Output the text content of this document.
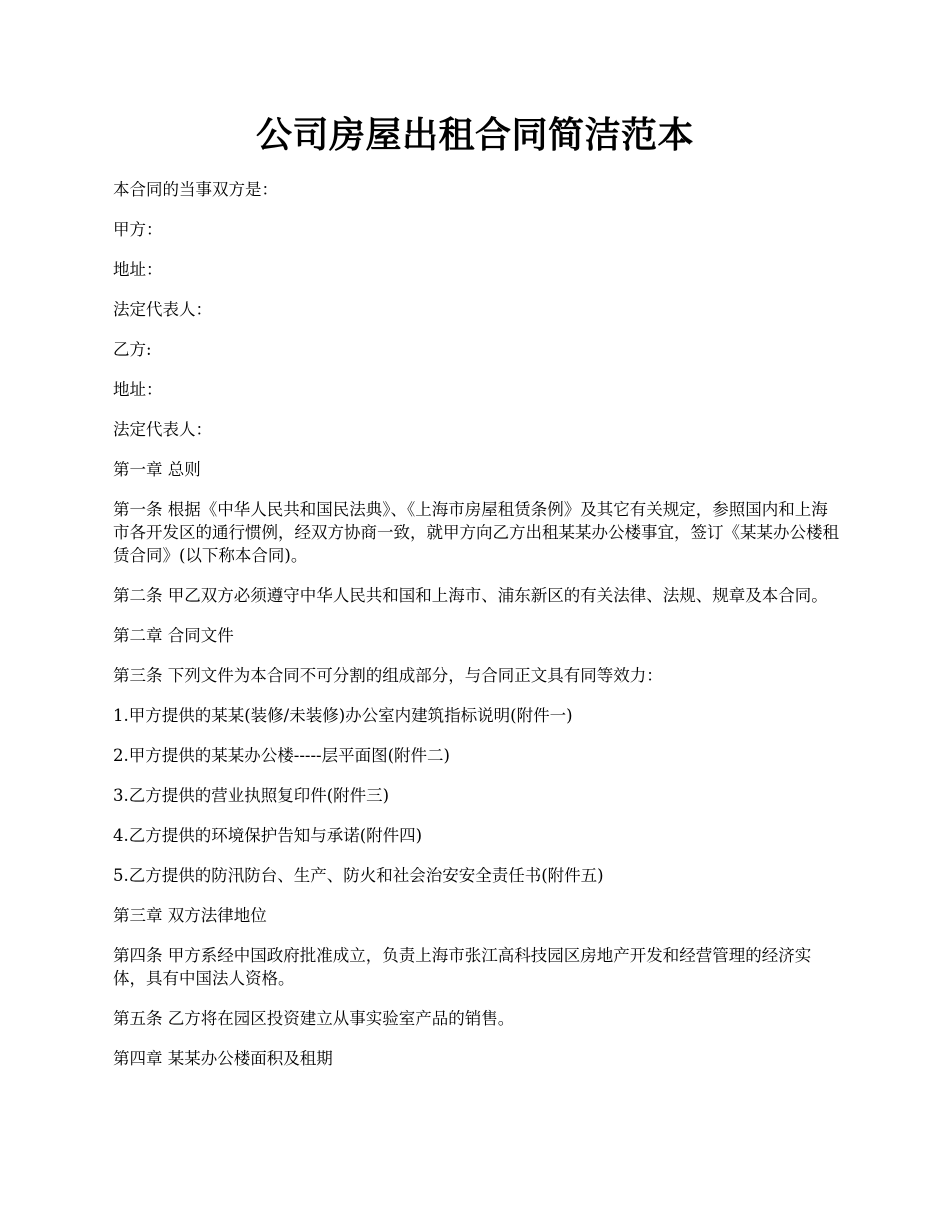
公司房屋出租合同简洁范本

本合同的当事双方是：

甲方：

地址：

法定代表人：

乙方:

地址：

法定代表人：

第一章 总则

第一条 根据《中华人民共和国民法典》、《上海市房屋租赁条例》及其它有关规定，参照国内和上海市各开发区的通行惯例，经双方协商一致，就甲方向乙方出租某某办公楼事宜，签订《某某办公楼租赁合同》(以下称本合同)。

第二条 甲乙双方必须遵守中华人民共和国和上海市、浦东新区的有关法律、法规、规章及本合同。

第二章 合同文件

第三条 下列文件为本合同不可分割的组成部分，与合同正文具有同等效力：

1.甲方提供的某某(装修/未装修)办公室内建筑指标说明(附件一)

2.甲方提供的某某办公楼-----层平面图(附件二)

3.乙方提供的营业执照复印件(附件三)

4.乙方提供的环境保护告知与承诺(附件四)

5.乙方提供的防汛防台、生产、防火和社会治安安全责任书(附件五)

第三章 双方法律地位

第四条 甲方系经中国政府批准成立，负责上海市张江高科技园区房地产开发和经营管理的经济实体，具有中国法人资格。

第五条 乙方将在园区投资建立从事实验室产品的销售。

第四章 某某办公楼面积及租期
